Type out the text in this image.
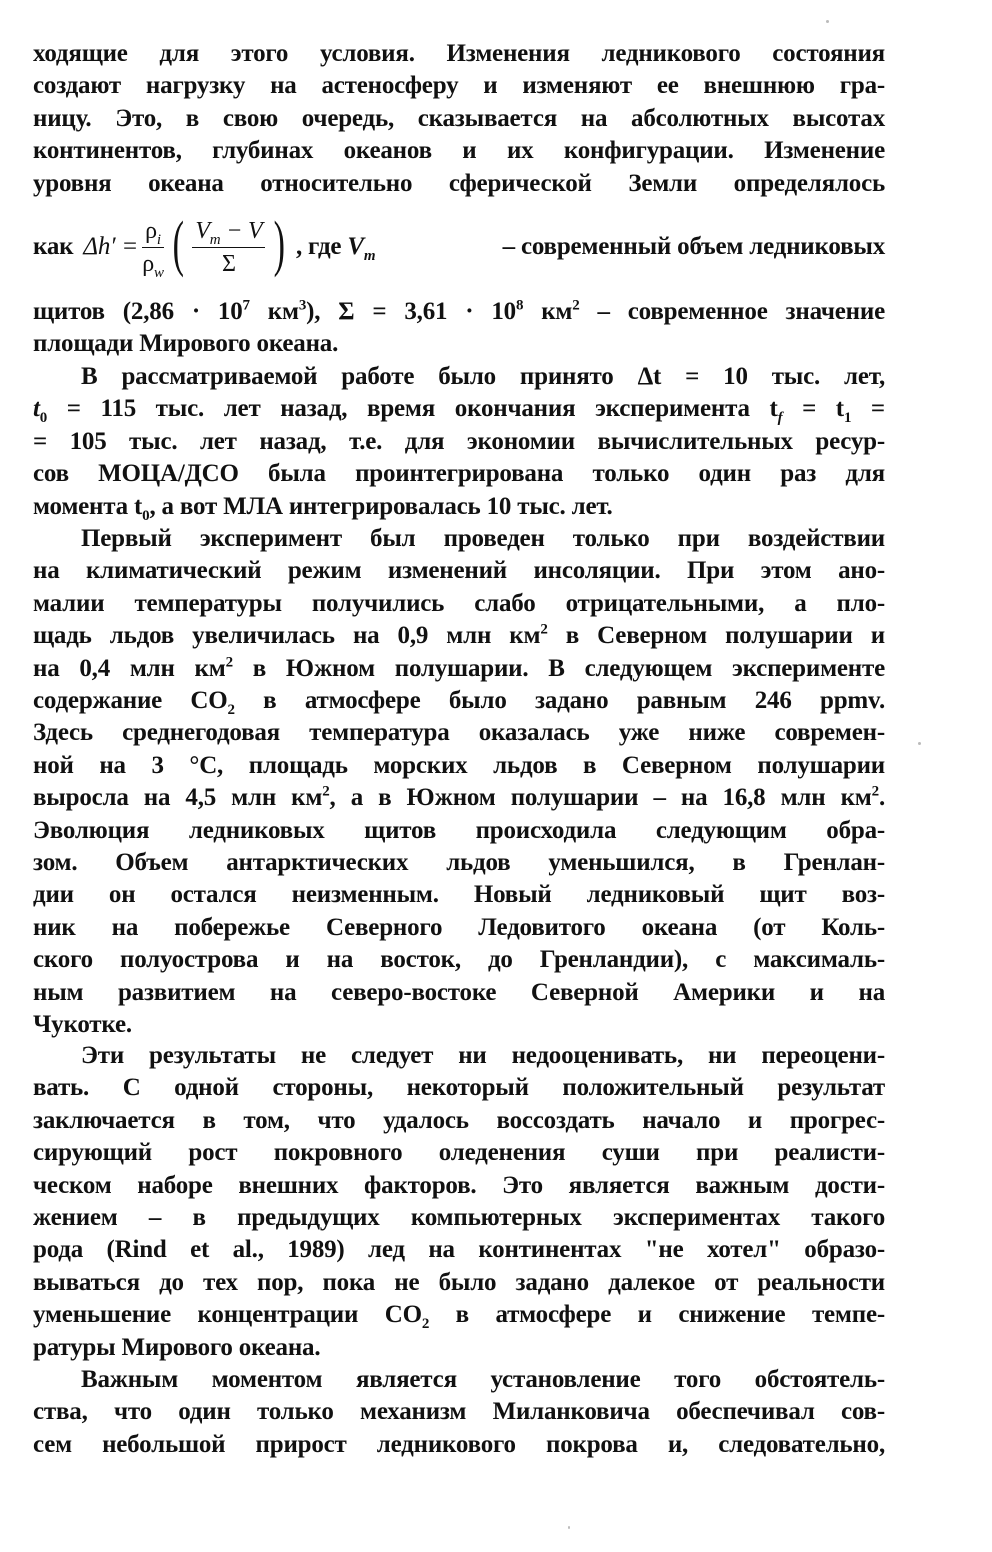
ходящие для этого условия. Изменения ледникового состояния
создают нагрузку на астеносферу и изменяют ее внешнюю гра-
ницу. Это, в свою очередь, сказывается на абсолютных высотах
континентов, глубинах океанов и их конфигурации. Изменение
уровня океана относительно сферической Земли определялось
как $\Delta h' = \frac{\rho_i}{\rho_w}$ ( $\frac{V_m - V}{\Sigma}$ ) , где $V_m$	– современный объем ледниковых
щитов ($2,86 \cdot 10^7$ $км^3$), $\Sigma = 3,61 \cdot 10^8$ $км^2$ – современное значение
площади Мирового океана.
В рассматриваемой работе было принято Δt = 10 тыс. лет,
$t_0 = 115$ тыс. лет назад, время окончания эксперимента $t_f = t_1$ =
= 105 тыс. лет назад, т.е. для экономии вычислительных ресур-
сов МОЦА/ДСО была проинтегрирована только один раз для
момента $t_0$, а вот МЛА интегрировалась 10 тыс. лет.
Первый эксперимент был проведен только при воздействии
на климатический режим изменений инсоляции. При этом ано-
малии температуры получились слабо отрицательными, а пло-
щадь льдов увеличилась на 0,9 млн $км^2$ в Северном полушарии и
на 0,4 млн $км^2$ в Южном полушарии. В следующем эксперименте
содержание $СО_2$ в атмосфере было задано равным 246 ppmv.
Здесь среднегодовая температура оказалась уже ниже современ-
ной на 3 °С, площадь морских льдов в Северном полушарии
выросла на 4,5 млн $км^2$, а в Южном полушарии – на 16,8 млн $км^2$.
Эволюция ледниковых щитов происходила следующим обра-
зом. Объем антарктических льдов уменьшился, в Гренлан-
дии он остался неизменным. Новый ледниковый щит воз-
ник на побережье Северного Ледовитого океана (от Коль-
ского полуострова и на восток, до Гренландии), с максималь-
ным развитием на северо-востоке Северной Америки и на
Чукотке.
Эти результаты не следует ни недооценивать, ни переоцени-
вать. С одной стороны, некоторый положительный результат
заключается в том, что удалось воссоздать начало и прогрес-
сирующий рост покровного оледенения суши при реалисти-
ческом наборе внешних факторов. Это является важным дости-
жением – в предыдущих компьютерных экспериментах такого
рода (Rind et al., 1989) лед на континентах "не хотел" образо-
вываться до тех пор, пока не было задано далекое от реальности
уменьшение концентрации $СО_2$ в атмосфере и снижение темпе-
ратуры Мирового океана.
Важным моментом является установление того обстоятель-
ства, что один только механизм Миланковича обеспечивал сов-
сем небольшой прирост ледникового покрова и, следовательно,
